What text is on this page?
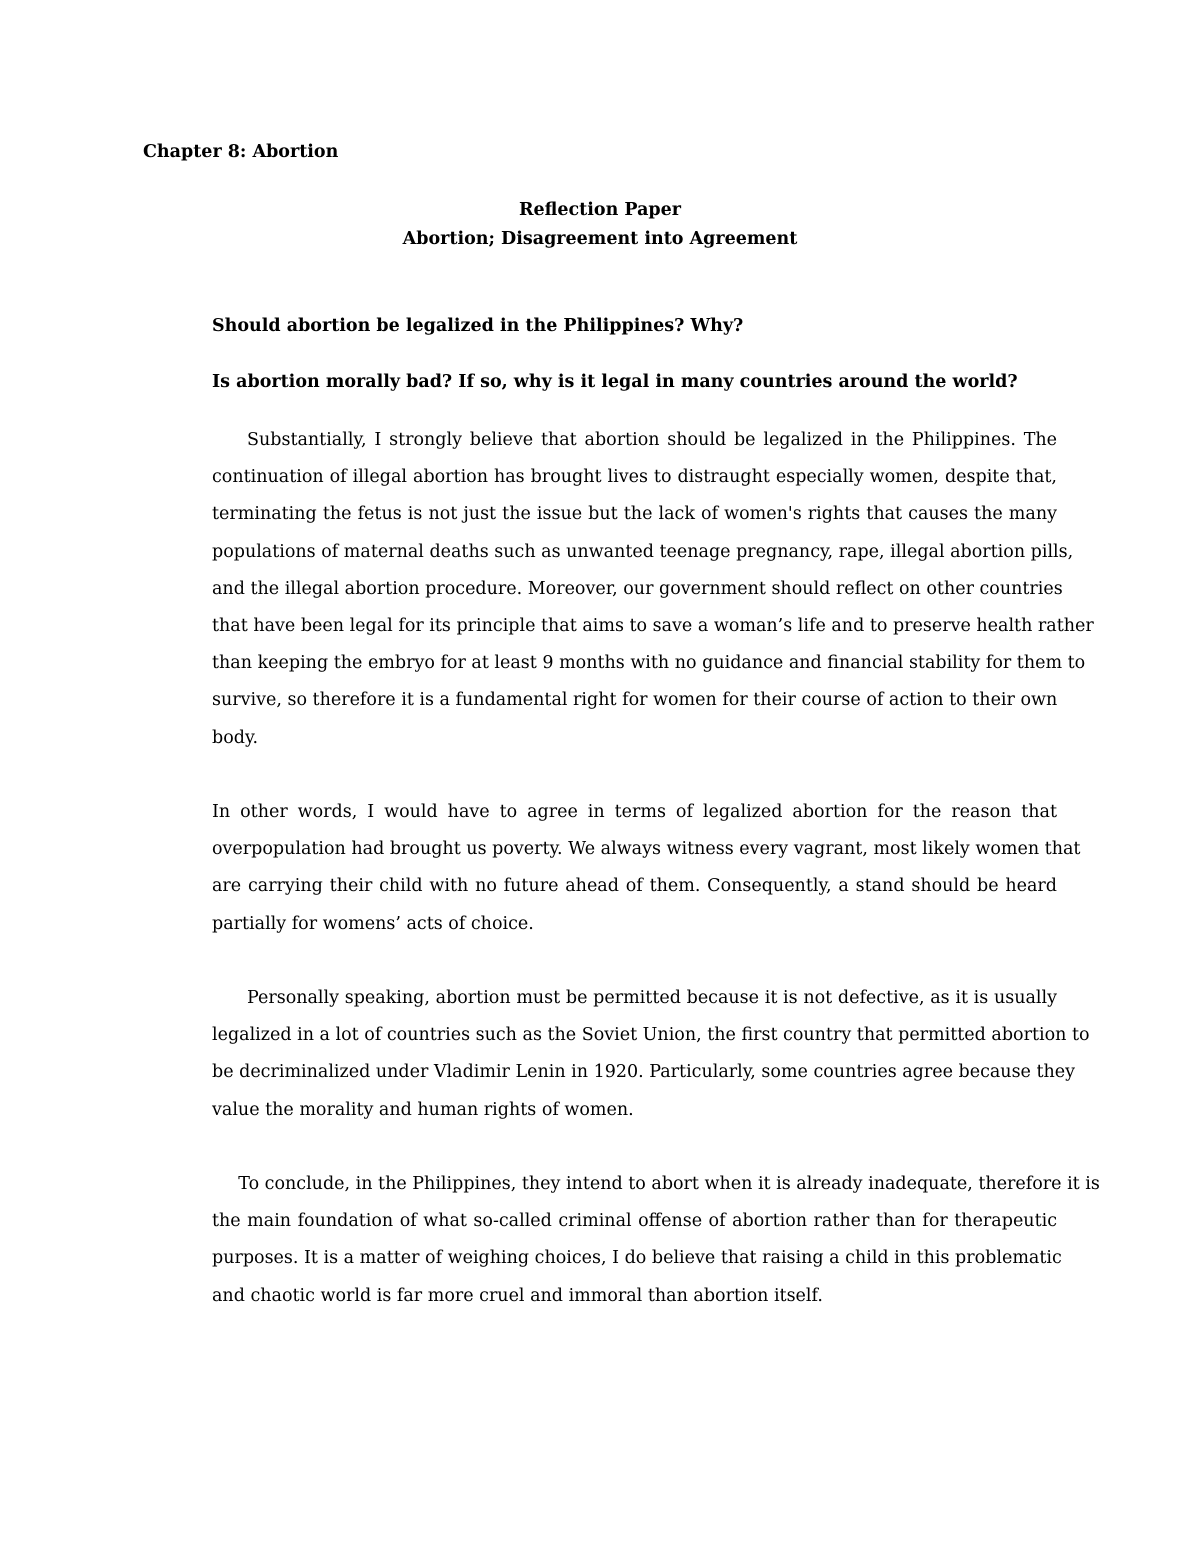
Chapter 8: Abortion
Reflection Paper
Abortion; Disagreement into Agreement
Should abortion be legalized in the Philippines? Why?
Is abortion morally bad? If so, why is it legal in many countries around the world?
Substantially, I strongly believe that abortion should be legalized in the Philippines. The
continuation of illegal abortion has brought lives to distraught especially women, despite that,
terminating the fetus is not just the issue but the lack of women's rights that causes the many
populations of maternal deaths such as unwanted teenage pregnancy, rape, illegal abortion pills,
and the illegal abortion procedure. Moreover, our government should reflect on other countries
that have been legal for its principle that aims to save a woman’s life and to preserve health rather
than keeping the embryo for at least 9 months with no guidance and financial stability for them to
survive, so therefore it is a fundamental right for women for their course of action to their own
body.
In other words, I would have to agree in terms of legalized abortion for the reason that
overpopulation had brought us poverty. We always witness every vagrant, most likely women that
are carrying their child with no future ahead of them. Consequently, a stand should be heard
partially for womens’ acts of choice.
Personally speaking, abortion must be permitted because it is not defective, as it is usually
legalized in a lot of countries such as the Soviet Union, the first country that permitted abortion to
be decriminalized under Vladimir Lenin in 1920. Particularly, some countries agree because they
value the morality and human rights of women.
To conclude, in the Philippines, they intend to abort when it is already inadequate, therefore it is
the main foundation of what so-called criminal offense of abortion rather than for therapeutic
purposes. It is a matter of weighing choices, I do believe that raising a child in this problematic
and chaotic world is far more cruel and immoral than abortion itself.
